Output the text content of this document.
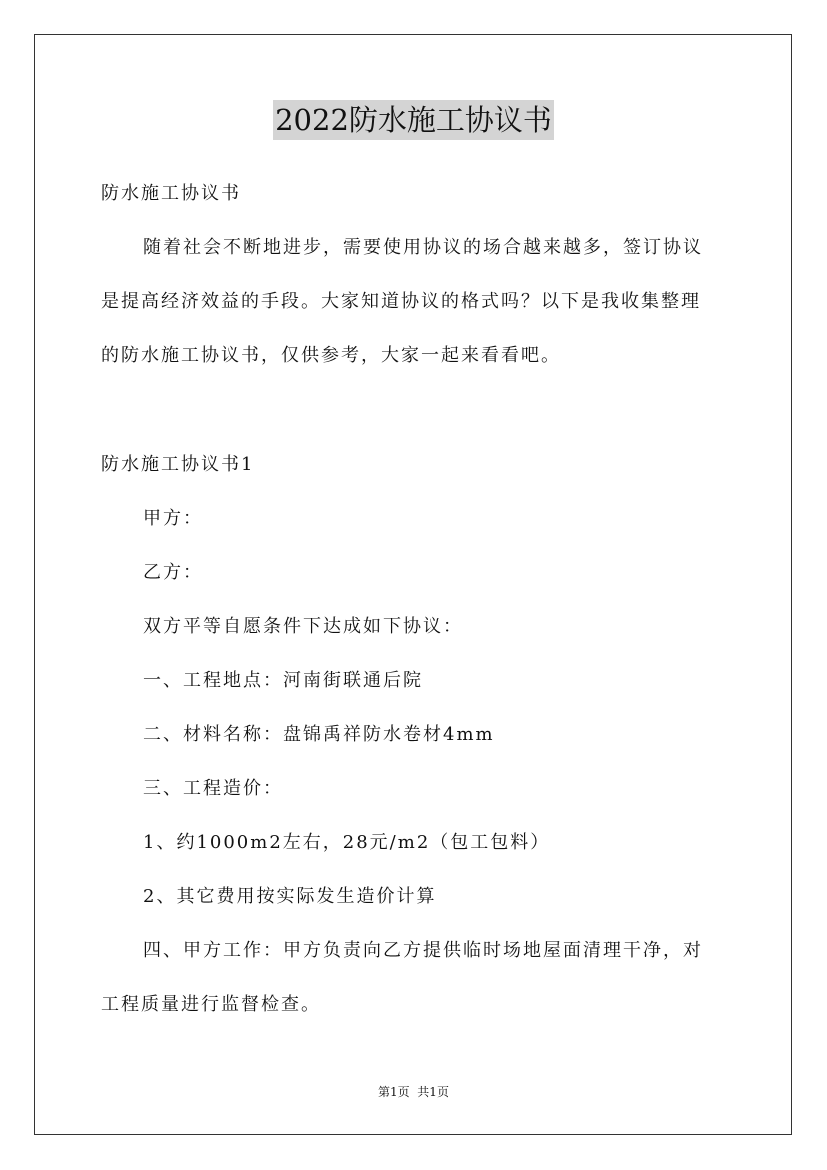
2022防水施工协议书
防水施工协议书
随着社会不断地进步，需要使用协议的场合越来越多，签订协议
是提高经济效益的手段。大家知道协议的格式吗？以下是我收集整理
的防水施工协议书，仅供参考，大家一起来看看吧。
防水施工协议书1
甲方：
乙方：
双方平等自愿条件下达成如下协议：
一、工程地点：河南街联通后院
二、材料名称：盘锦禹祥防水卷材4mm
三、工程造价：
1、约1000m2左右，28元/m2（包工包料）
2、其它费用按实际发生造价计算
四、甲方工作：甲方负责向乙方提供临时场地屋面清理干净，对
工程质量进行监督检查。
第1页  共1页
